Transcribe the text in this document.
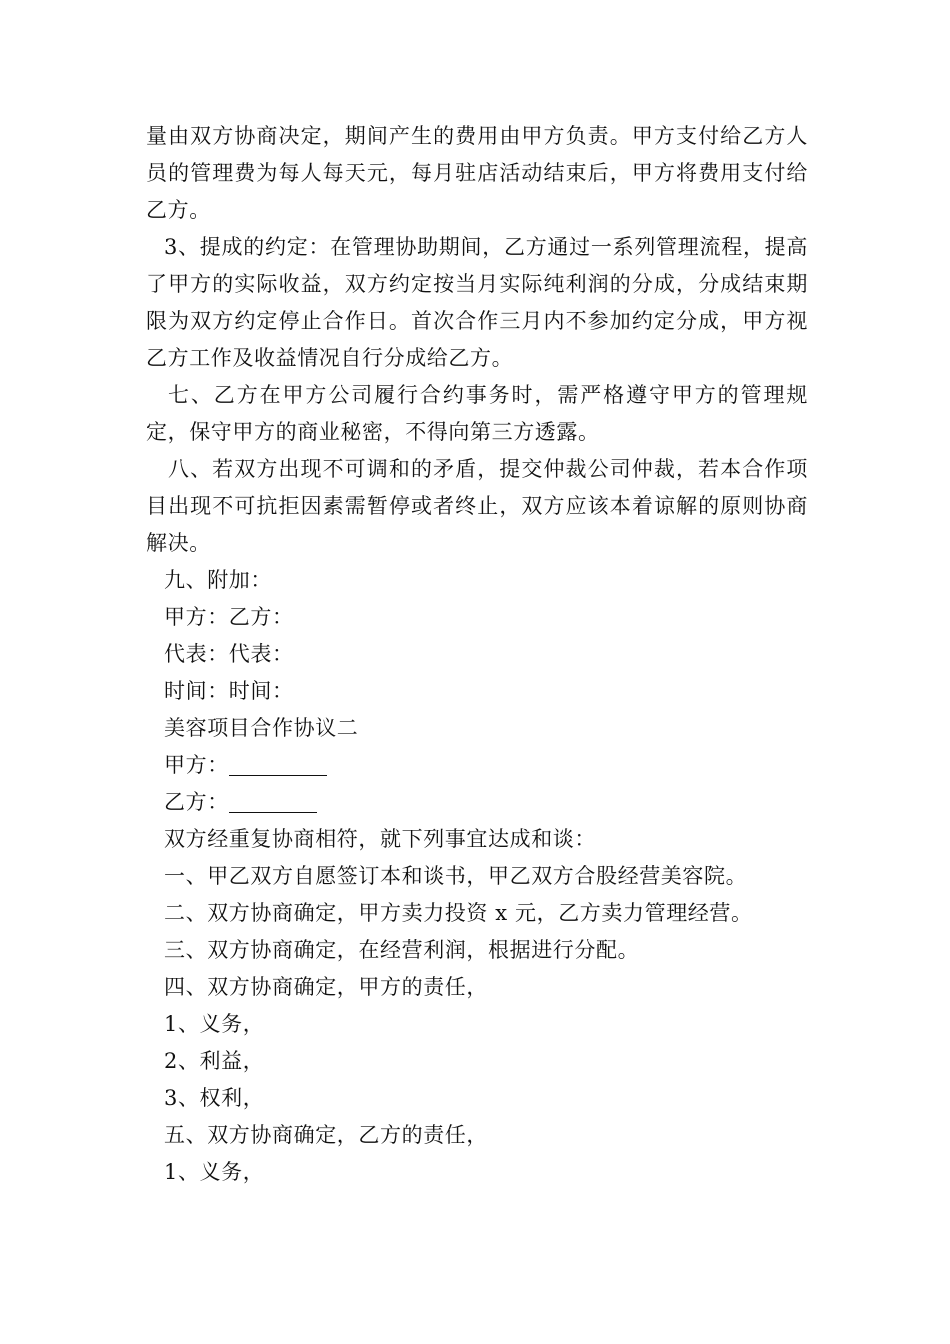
量由双方协商决定，期间产生的费用由甲方负责。甲方支付给乙方人员的管理费为每人每天元，每月驻店活动结束后，甲方将费用支付给乙方。

3、提成的约定：在管理协助期间，乙方通过一系列管理流程，提高了甲方的实际收益，双方约定按当月实际纯利润的分成，分成结束期限为双方约定停止合作日。首次合作三月内不参加约定分成，甲方视乙方工作及收益情况自行分成给乙方。

七、乙方在甲方公司履行合约事务时，需严格遵守甲方的管理规定，保守甲方的商业秘密，不得向第三方透露。

八、若双方出现不可调和的矛盾，提交仲裁公司仲裁，若本合作项目出现不可抗拒因素需暂停或者终止，双方应该本着谅解的原则协商解决。

九、附加：

甲方：乙方：

代表：代表：

时间：时间：

美容项目合作协议二

甲方：

乙方：

双方经重复协商相符，就下列事宜达成和谈：

一、甲乙双方自愿签订本和谈书，甲乙双方合股经营美容院。

二、双方协商确定，甲方卖力投资 x 元，乙方卖力管理经营。

三、双方协商确定，在经营利润，根据进行分配。

四、双方协商确定，甲方的责任，

1、义务，

2、利益，

3、权利，

五、双方协商确定，乙方的责任，

1、义务，
